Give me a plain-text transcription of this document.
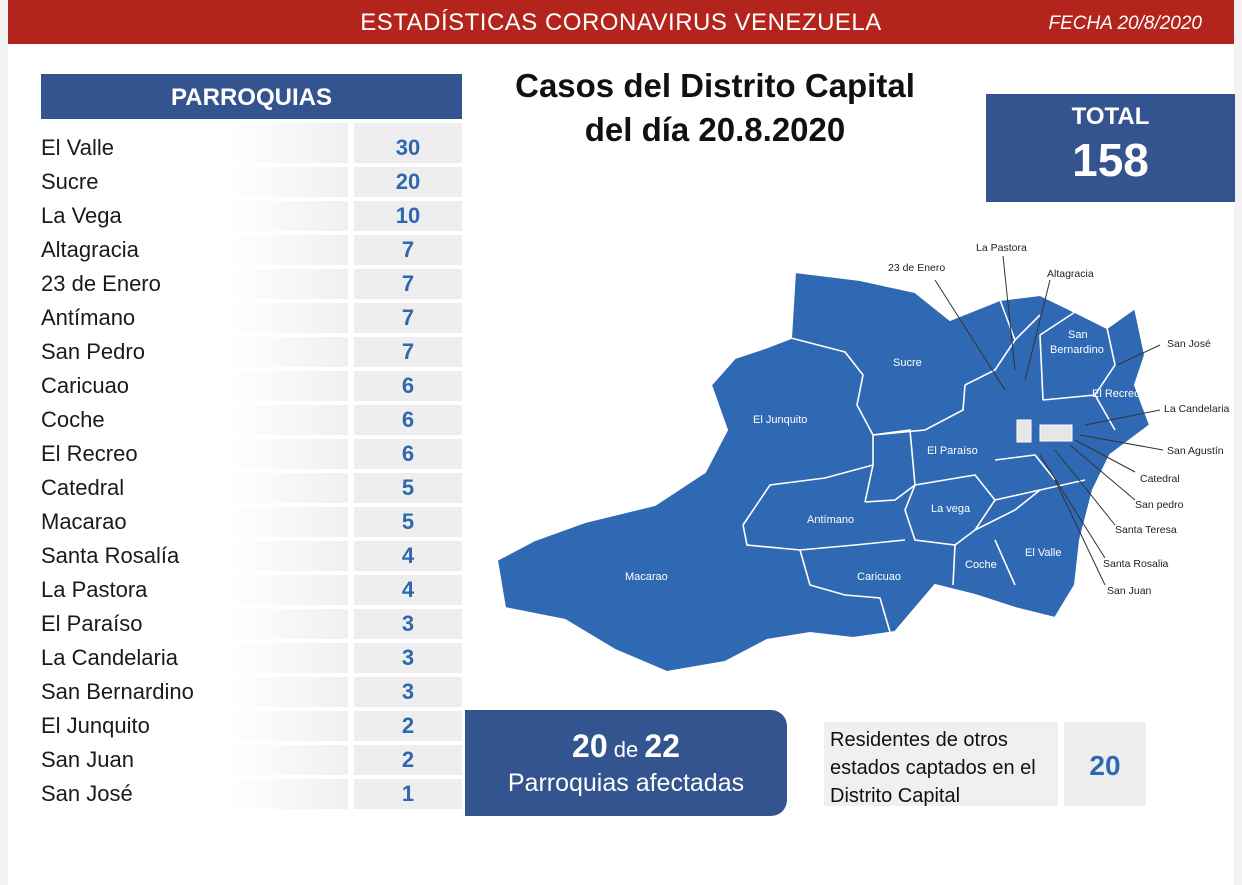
ESTADÍSTICAS CORONAVIRUS VENEZUELA	FECHA 20/8/2020
PARROQUIAS
El Valle	30
Sucre	20
La Vega	10
Altagracia	7
23 de Enero	7
Antímano	7
San Pedro	7
Caricuao	6
Coche	6
El Recreo	6
Catedral	5
Macarao	5
Santa Rosalía	4
La Pastora	4
El Paraíso	3
La Candelaria	3
San Bernardino	3
El Junquito	2
San Juan	2
San José	1
Casos del Distrito Capital
del día 20.8.2020	TOTAL
158
Sucre
El Junquito
San
Bernardino
El Recreo
El Paraíso
Antímano
La vega
Macarao	Caricuao
Coche
El Valle
La Pastora
23 de Enero	Altagracia
San José
La Candelaria
San Agustín
Catedral
San pedro
Santa Teresa
Santa Rosalia
San Juan
20 de 22
Parroquias afectadas
Residentes de otros
estados captados en el
Distrito Capital
20
